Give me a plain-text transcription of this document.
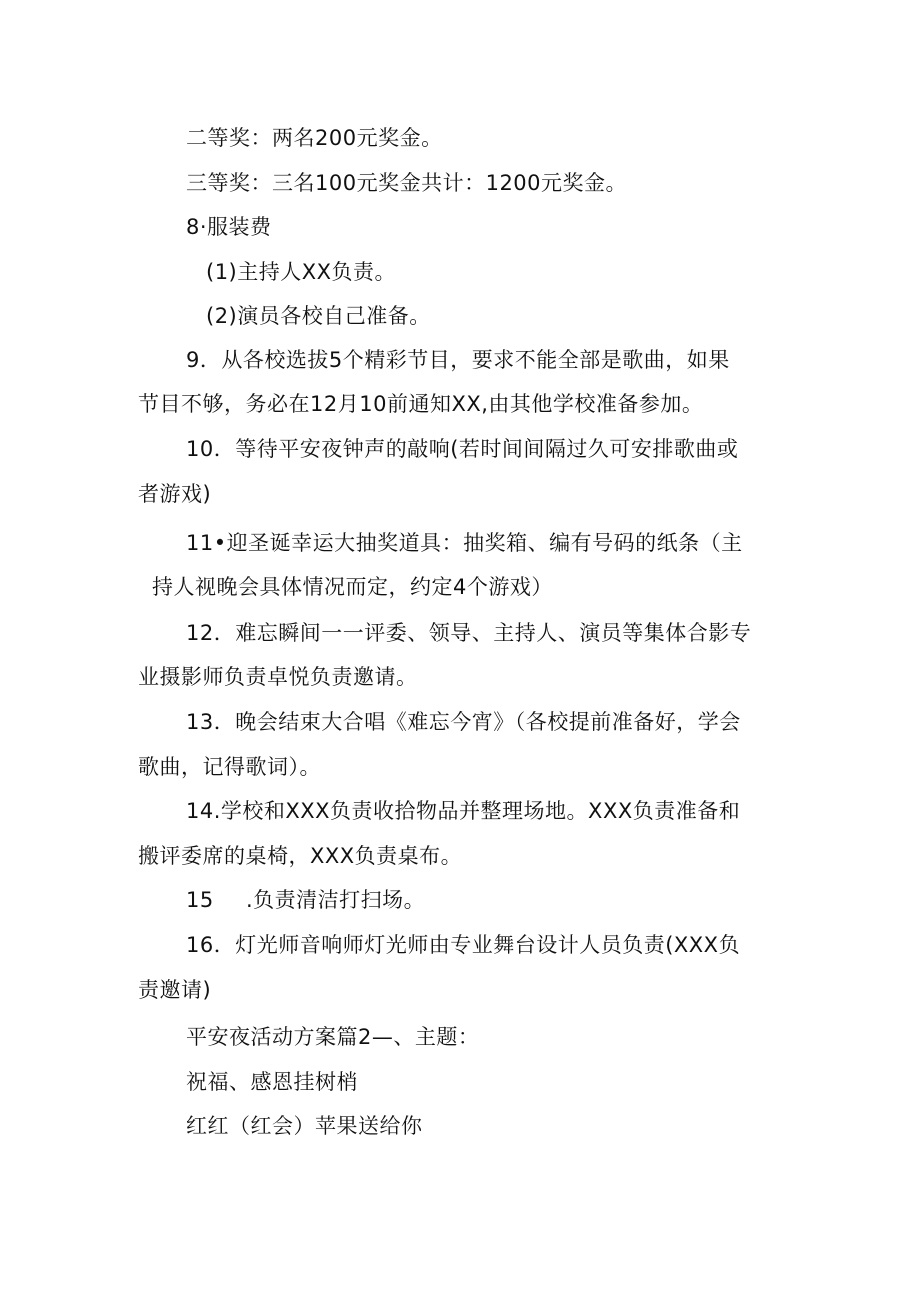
二等奖：两名200元奖金。
三等奖：三名100元奖金共计：1200元奖金。
8·服装费
(1)主持人XX负责。
(2)演员各校自己准备。
9．从各校选拔5个精彩节目，要求不能全部是歌曲，如果
节目不够，务必在12月10前通知XX,由其他学校准备参加。
10．等待平安夜钟声的敲响(若时间间隔过久可安排歌曲或
者游戏)
11•迎圣诞幸运大抽奖道具：抽奖箱、编有号码的纸条（主
持人视晚会具体情况而定，约定4个游戏）
12．难忘瞬间一一评委、领导、主持人、演员等集体合影专
业摄影师负责卓悦负责邀请。
13．晚会结束大合唱《难忘今宵》（各校提前准备好，学会
歌曲，记得歌词）。
14.学校和XXX负责收拾物品并整理场地。XXX负责准备和
搬评委席的桌椅，XXX负责桌布。
15 .负责清洁打扫场。
16．灯光师音响师灯光师由专业舞台设计人员负责(XXX负
责邀请)
平安夜活动方案篇2—、主题：
祝福、感恩挂树梢
红红（红会）苹果送给你
